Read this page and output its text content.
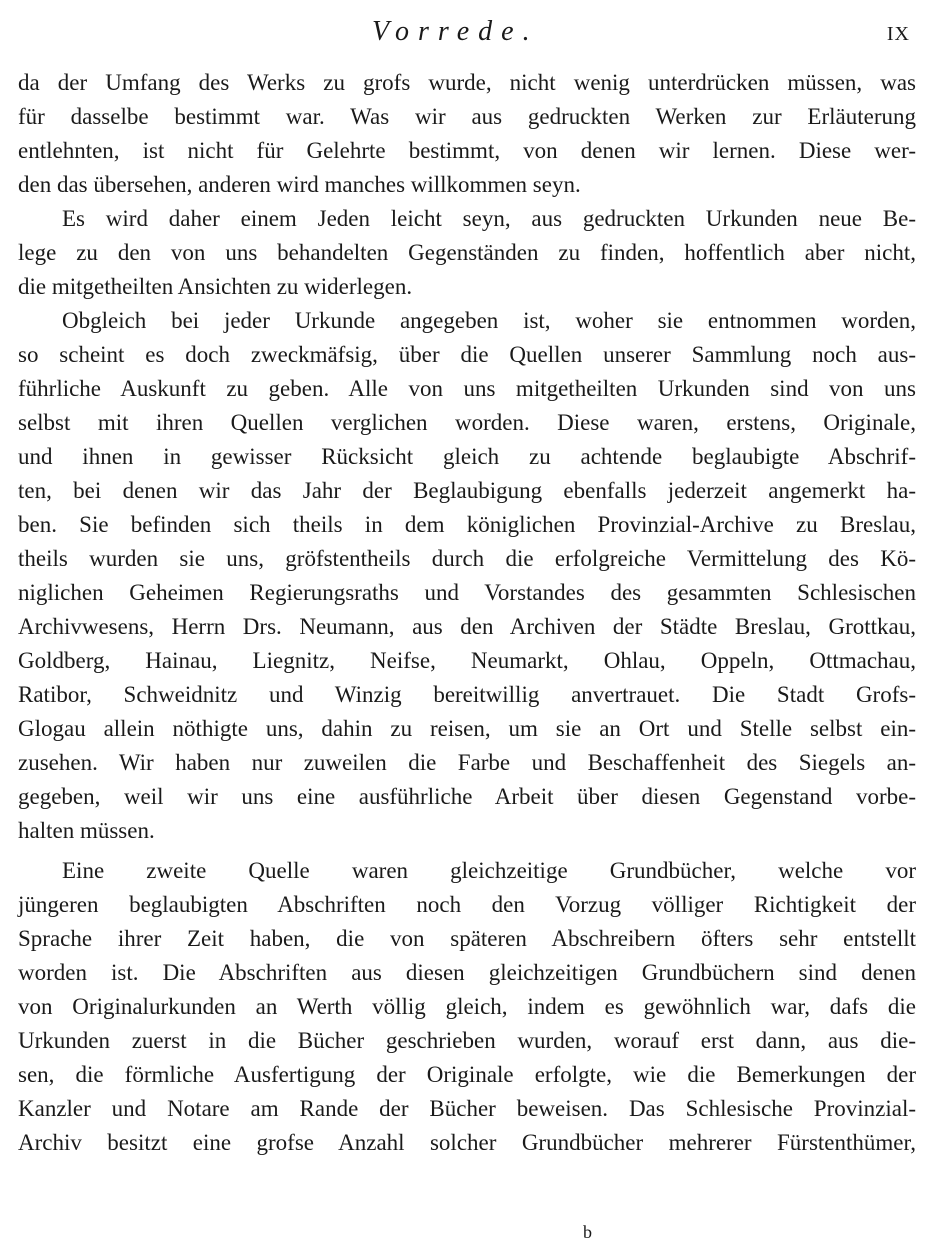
Vorrede.	IX
da der Umfang des Werks zu grofs wurde, nicht wenig unterdrücken müssen, was
für dasselbe bestimmt war. Was wir aus gedruckten Werken zur Erläuterung
entlehnten, ist nicht für Gelehrte bestimmt, von denen wir lernen. Diese wer-
den das übersehen, anderen wird manches willkommen seyn.
Es wird daher einem Jeden leicht seyn, aus gedruckten Urkunden neue Be-
lege zu den von uns behandelten Gegenständen zu finden, hoffentlich aber nicht,
die mitgetheilten Ansichten zu widerlegen.
Obgleich bei jeder Urkunde angegeben ist, woher sie entnommen worden,
so scheint es doch zweckmäfsig, über die Quellen unserer Sammlung noch aus-
führliche Auskunft zu geben. Alle von uns mitgetheilten Urkunden sind von uns
selbst mit ihren Quellen verglichen worden. Diese waren, erstens, Originale,
und ihnen in gewisser Rücksicht gleich zu achtende beglaubigte Abschrif-
ten, bei denen wir das Jahr der Beglaubigung ebenfalls jederzeit angemerkt ha-
ben. Sie befinden sich theils in dem königlichen Provinzial-Archive zu Breslau,
theils wurden sie uns, gröfstentheils durch die erfolgreiche Vermittelung des Kö-
niglichen Geheimen Regierungsraths und Vorstandes des gesammten Schlesischen
Archivwesens, Herrn Drs. Neumann, aus den Archiven der Städte Breslau, Grottkau,
Goldberg, Hainau, Liegnitz, Neifse, Neumarkt, Ohlau, Oppeln, Ottmachau,
Ratibor, Schweidnitz und Winzig bereitwillig anvertrauet. Die Stadt Grofs-
Glogau allein nöthigte uns, dahin zu reisen, um sie an Ort und Stelle selbst ein-
zusehen. Wir haben nur zuweilen die Farbe und Beschaffenheit des Siegels an-
gegeben, weil wir uns eine ausführliche Arbeit über diesen Gegenstand vorbe-
halten müssen.
Eine zweite Quelle waren gleichzeitige Grundbücher, welche vor
jüngeren beglaubigten Abschriften noch den Vorzug völliger Richtigkeit der
Sprache ihrer Zeit haben, die von späteren Abschreibern öfters sehr entstellt
worden ist. Die Abschriften aus diesen gleichzeitigen Grundbüchern sind denen
von Originalurkunden an Werth völlig gleich, indem es gewöhnlich war, dafs die
Urkunden zuerst in die Bücher geschrieben wurden, worauf erst dann, aus die-
sen, die förmliche Ausfertigung der Originale erfolgte, wie die Bemerkungen der
Kanzler und Notare am Rande der Bücher beweisen. Das Schlesische Provinzial-
Archiv besitzt eine grofse Anzahl solcher Grundbücher mehrerer Fürstenthümer,
b
